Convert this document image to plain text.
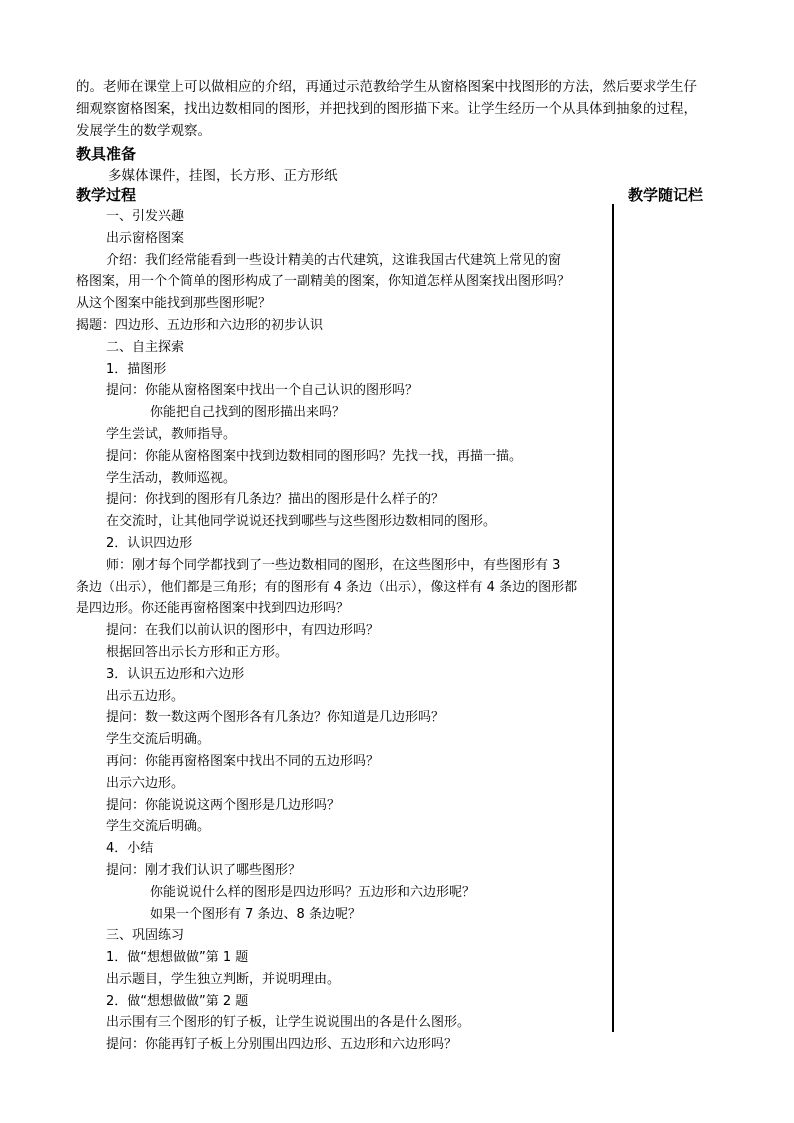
的。老师在课堂上可以做相应的介绍，再通过示范教给学生从窗格图案中找图形的方法，然后要求学生仔
细观察窗格图案，找出边数相同的图形，并把找到的图形描下来。让学生经历一个从具体到抽象的过程，
发展学生的数学观察。
教具准备
多媒体课件，挂图，长方形、正方形纸
教学过程	教学随记栏
一、引发兴趣
出示窗格图案
介绍：我们经常能看到一些设计精美的古代建筑，这谁我国古代建筑上常见的窗
格图案，用一个个简单的图形构成了一副精美的图案，你知道怎样从图案找出图形吗？
从这个图案中能找到那些图形呢？
揭题：四边形、五边形和六边形的初步认识
二、自主探索
1．描图形
提问：你能从窗格图案中找出一个自己认识的图形吗？
你能把自己找到的图形描出来吗？
学生尝试，教师指导。
提问：你能从窗格图案中找到边数相同的图形吗？先找一找，再描一描。
学生活动，教师巡视。
提问：你找到的图形有几条边？描出的图形是什么样子的？
在交流时，让其他同学说说还找到哪些与这些图形边数相同的图形。
2．认识四边形
师：刚才每个同学都找到了一些边数相同的图形，在这些图形中，有些图形有 3
条边（出示），他们都是三角形；有的图形有 4 条边（出示），像这样有 4 条边的图形都
是四边形。你还能再窗格图案中找到四边形吗？
提问：在我们以前认识的图形中，有四边形吗？
根据回答出示长方形和正方形。
3．认识五边形和六边形
出示五边形。
提问：数一数这两个图形各有几条边？你知道是几边形吗？
学生交流后明确。
再问：你能再窗格图案中找出不同的五边形吗？
出示六边形。
提问：你能说说这两个图形是几边形吗？
学生交流后明确。
4．小结
提问：刚才我们认识了哪些图形？
你能说说什么样的图形是四边形吗？五边形和六边形呢？
如果一个图形有 7 条边、8 条边呢？
三、巩固练习
1．做“想想做做”第 1 题
出示题目，学生独立判断，并说明理由。
2．做“想想做做”第 2 题
出示围有三个图形的钉子板，让学生说说围出的各是什么图形。
提问：你能再钉子板上分别围出四边形、五边形和六边形吗？
